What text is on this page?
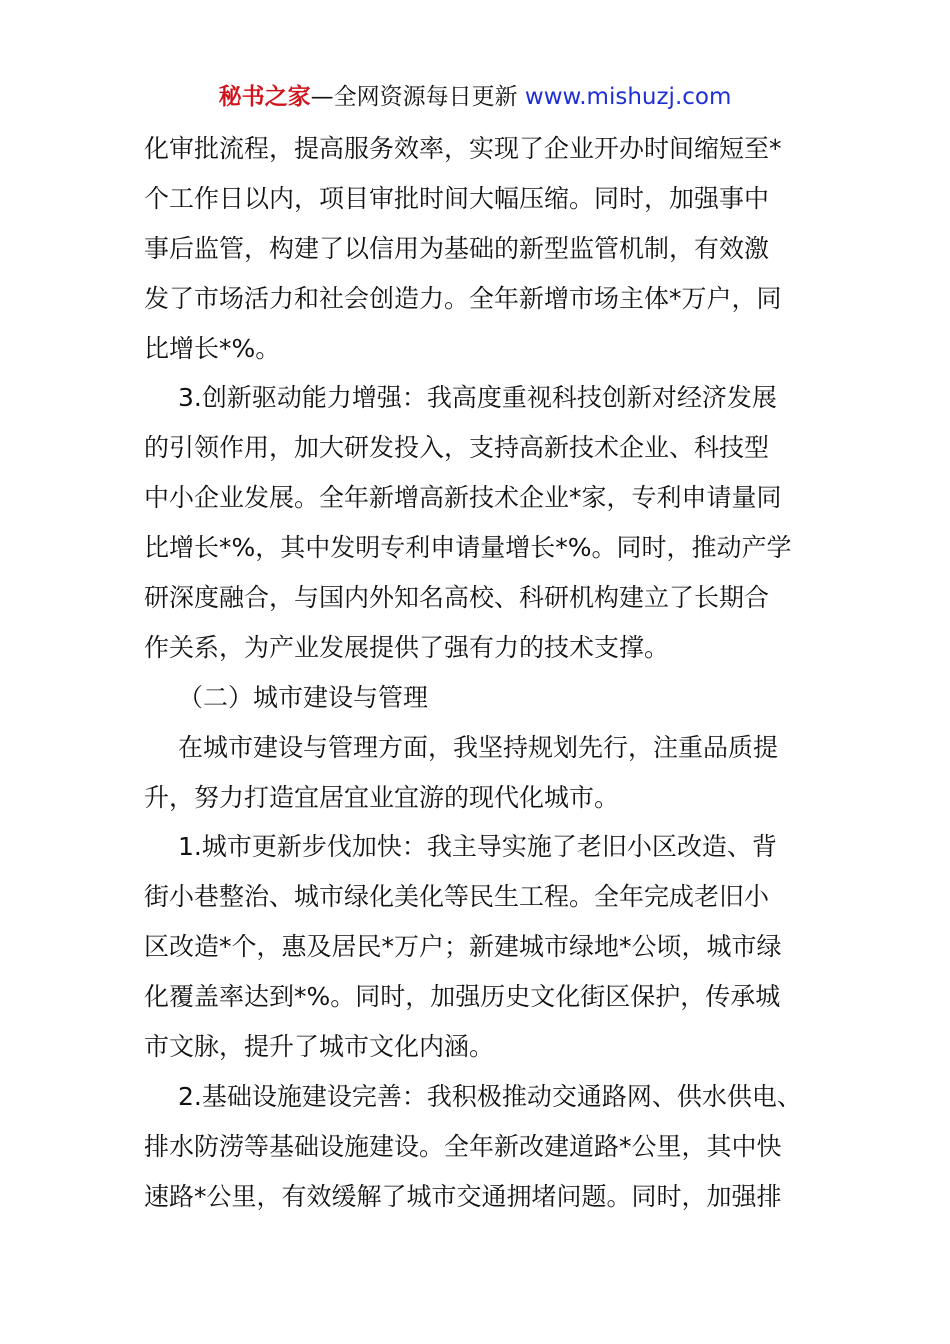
秘书之家—全网资源每日更新 www.mishuzj.com
化审批流程，提高服务效率，实现了企业开办时间缩短至*
个工作日以内，项目审批时间大幅压缩。同时，加强事中
事后监管，构建了以信用为基础的新型监管机制，有效激
发了市场活力和社会创造力。全年新增市场主体*万户，同
比增长*%。
3.创新驱动能力增强：我高度重视科技创新对经济发展
的引领作用，加大研发投入，支持高新技术企业、科技型
中小企业发展。全年新增高新技术企业*家，专利申请量同
比增长*%，其中发明专利申请量增长*%。同时，推动产学
研深度融合，与国内外知名高校、科研机构建立了长期合
作关系，为产业发展提供了强有力的技术支撑。
（二）城市建设与管理
在城市建设与管理方面，我坚持规划先行，注重品质提
升，努力打造宜居宜业宜游的现代化城市。
1.城市更新步伐加快：我主导实施了老旧小区改造、背
街小巷整治、城市绿化美化等民生工程。全年完成老旧小
区改造*个，惠及居民*万户；新建城市绿地*公顷，城市绿
化覆盖率达到*%。同时，加强历史文化街区保护，传承城
市文脉，提升了城市文化内涵。
2.基础设施建设完善：我积极推动交通路网、供水供电、
排水防涝等基础设施建设。全年新改建道路*公里，其中快
速路*公里，有效缓解了城市交通拥堵问题。同时，加强排
